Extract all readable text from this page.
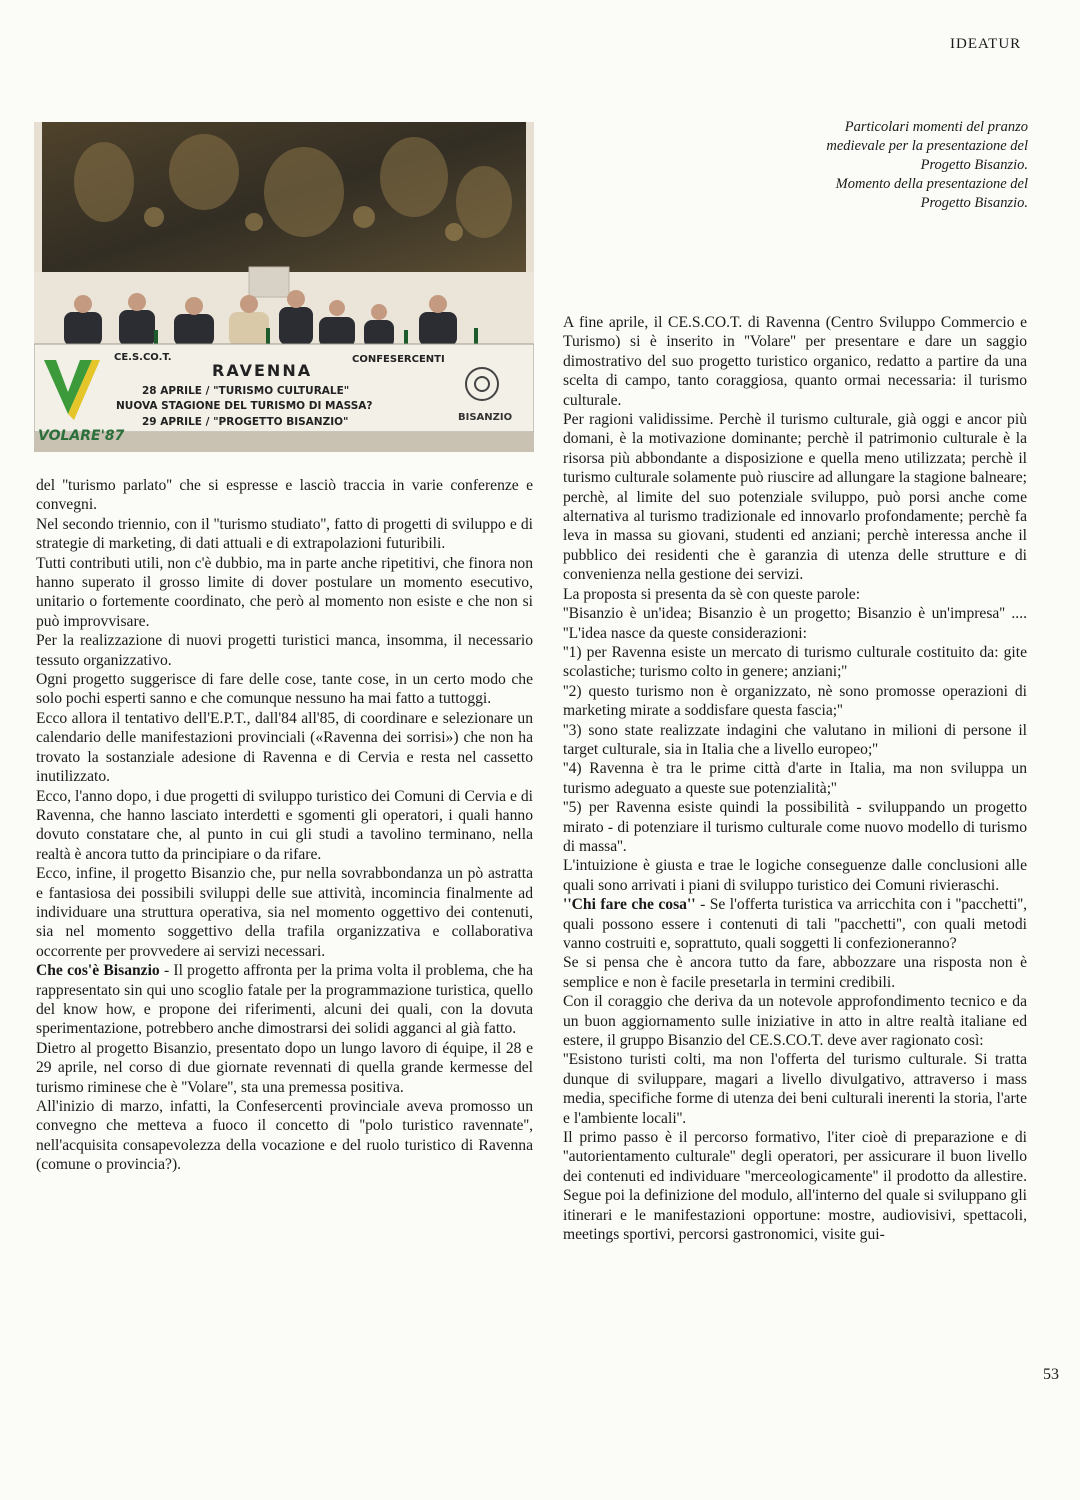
IDEATUR
VOLARE'87
BISANZIO
CE.S.CO.T.
RAVENNA
CONFESERCENTI
28 APRILE / "TURISMO CULTURALE"
NUOVA STAGIONE DEL TURISMO DI MASSA?
29 APRILE / "PROGETTO BISANZIO"

Particolari momenti del pranzo

medievale per la presentazione del

Progetto Bisanzio.

Momento della presentazione del

Progetto Bisanzio.

del ''turismo parlato'' che si espresse e lasciò traccia in varie conferenze e convegni.

Nel secondo triennio, con il ''turismo studiato'', fatto di progetti di sviluppo e di strategie di marketing, di dati attuali e di extrapolazioni futuribili.

Tutti contributi utili, non c'è dubbio, ma in parte anche ripetitivi, che finora non hanno superato il grosso limite di dover postulare un momento esecutivo, unitario o fortemente coordinato, che però al momento non esiste e che non si può improvvisare.

Per la realizzazione di nuovi progetti turistici manca, insomma, il necessario tessuto organizzativo.

Ogni progetto suggerisce di fare delle cose, tante cose, in un certo modo che solo pochi esperti sanno e che comunque nessuno ha mai fatto a tuttoggi.

Ecco allora il tentativo dell'E.P.T., dall'84 all'85, di coordinare e selezionare un calendario delle manifestazioni provinciali («Ravenna dei sorrisi») che non ha trovato la sostanziale adesione di Ravenna e di Cervia e resta nel cassetto inutilizzato.

Ecco, l'anno dopo, i due progetti di sviluppo turistico dei Comuni di Cervia e di Ravenna, che hanno lasciato interdetti e sgomenti gli operatori, i quali hanno dovuto constatare che, al punto in cui gli studi a tavolino terminano, nella realtà è ancora tutto da principiare o da rifare.

Ecco, infine, il progetto Bisanzio che, pur nella sovrabbondanza un pò astratta e fantasiosa dei possibili sviluppi delle sue attività, incomincia finalmente ad individuare una struttura operativa, sia nel momento oggettivo dei contenuti, sia nel momento soggettivo della trafila organizzativa e collaborativa occorrente per provvedere ai servizi necessari.

Che cos'è Bisanzio - Il progetto affronta per la prima volta il problema, che ha rappresentato sin qui uno scoglio fatale per la programmazione turistica, quello del know how, e propone dei riferimenti, alcuni dei quali, con la dovuta sperimentazione, potrebbero anche dimostrarsi dei solidi agganci al già fatto.

Dietro al progetto Bisanzio, presentato dopo un lungo lavoro di équipe, il 28 e 29 aprile, nel corso di due giornate revennati di quella grande kermesse del turismo riminese che è ''Volare'', sta una premessa positiva.

All'inizio di marzo, infatti, la Confesercenti provinciale aveva promosso un convegno che metteva a fuoco il concetto di ''polo turistico ravennate'', nell'acquisita consapevolezza della vocazione e del ruolo turistico di Ravenna (comune o provincia?).

A fine aprile, il CE.S.CO.T. di Ravenna (Centro Sviluppo Commercio e Turismo) si è inserito in ''Volare'' per presentare e dare un saggio dimostrativo del suo progetto turistico organico, redatto a partire da una scelta di campo, tanto coraggiosa, quanto ormai necessaria: il turismo culturale.

Per ragioni validissime. Perchè il turismo culturale, già oggi e ancor più domani, è la motivazione dominante; perchè il patrimonio culturale è la risorsa più abbondante a disposizione e quella meno utilizzata; perchè il turismo culturale solamente può riuscire ad allungare la stagione balneare; perchè, al limite del suo potenziale sviluppo, può porsi anche come alternativa al turismo tradizionale ed innovarlo profondamente; perchè fa leva in massa su giovani, studenti ed anziani; perchè interessa anche il pubblico dei residenti che è garanzia di utenza delle strutture e di convenienza nella gestione dei servizi.

La proposta si presenta da sè con queste parole:

''Bisanzio è un'idea; Bisanzio è un progetto; Bisanzio è un'impresa'' .... ''L'idea nasce da queste considerazioni:

''1) per Ravenna esiste un mercato di turismo culturale costituito da: gite scolastiche; turismo colto in genere; anziani;''

''2) questo turismo non è organizzato, nè sono promosse operazioni di marketing mirate a soddisfare questa fascia;''

''3) sono state realizzate indagini che valutano in milioni di persone il target culturale, sia in Italia che a livello europeo;''

''4) Ravenna è tra le prime città d'arte in Italia, ma non sviluppa un turismo adeguato a queste sue potenzialità;''

''5) per Ravenna esiste quindi la possibilità - sviluppando un progetto mirato - di potenziare il turismo culturale come nuovo modello di turismo di massa''.

L'intuizione è giusta e trae le logiche conseguenze dalle conclusioni alle quali sono arrivati i piani di sviluppo turistico dei Comuni rivieraschi.

''Chi fare che cosa'' - Se l'offerta turistica va arricchita con i ''pacchetti'', quali possono essere i contenuti di tali ''pacchetti'', con quali metodi vanno costruiti e, soprattuto, quali soggetti li confezioneranno?

Se si pensa che è ancora tutto da fare, abbozzare una risposta non è semplice e non è facile presetarla in termini credibili.

Con il coraggio che deriva da un notevole approfondimento tecnico e da un buon aggiornamento sulle iniziative in atto in altre realtà italiane ed estere, il gruppo Bisanzio del CE.S.CO.T. deve aver ragionato così:

''Esistono turisti colti, ma non l'offerta del turismo culturale. Si tratta dunque di sviluppare, magari a livello divulgativo, attraverso i mass media, specifiche forme di utenza dei beni culturali inerenti la storia, l'arte e l'ambiente locali''.

Il primo passo è il percorso formativo, l'iter cioè di preparazione e di ''autorientamento culturale'' degli operatori, per assicurare il buon livello dei contenuti ed individuare ''merceologicamente'' il prodotto da allestire. Segue poi la definizione del modulo, all'interno del quale si sviluppano gli itinerari e le manifestazioni opportune: mostre, audiovisivi, spettacoli, meetings sportivi, percorsi gastronomici, visite gui-

53
